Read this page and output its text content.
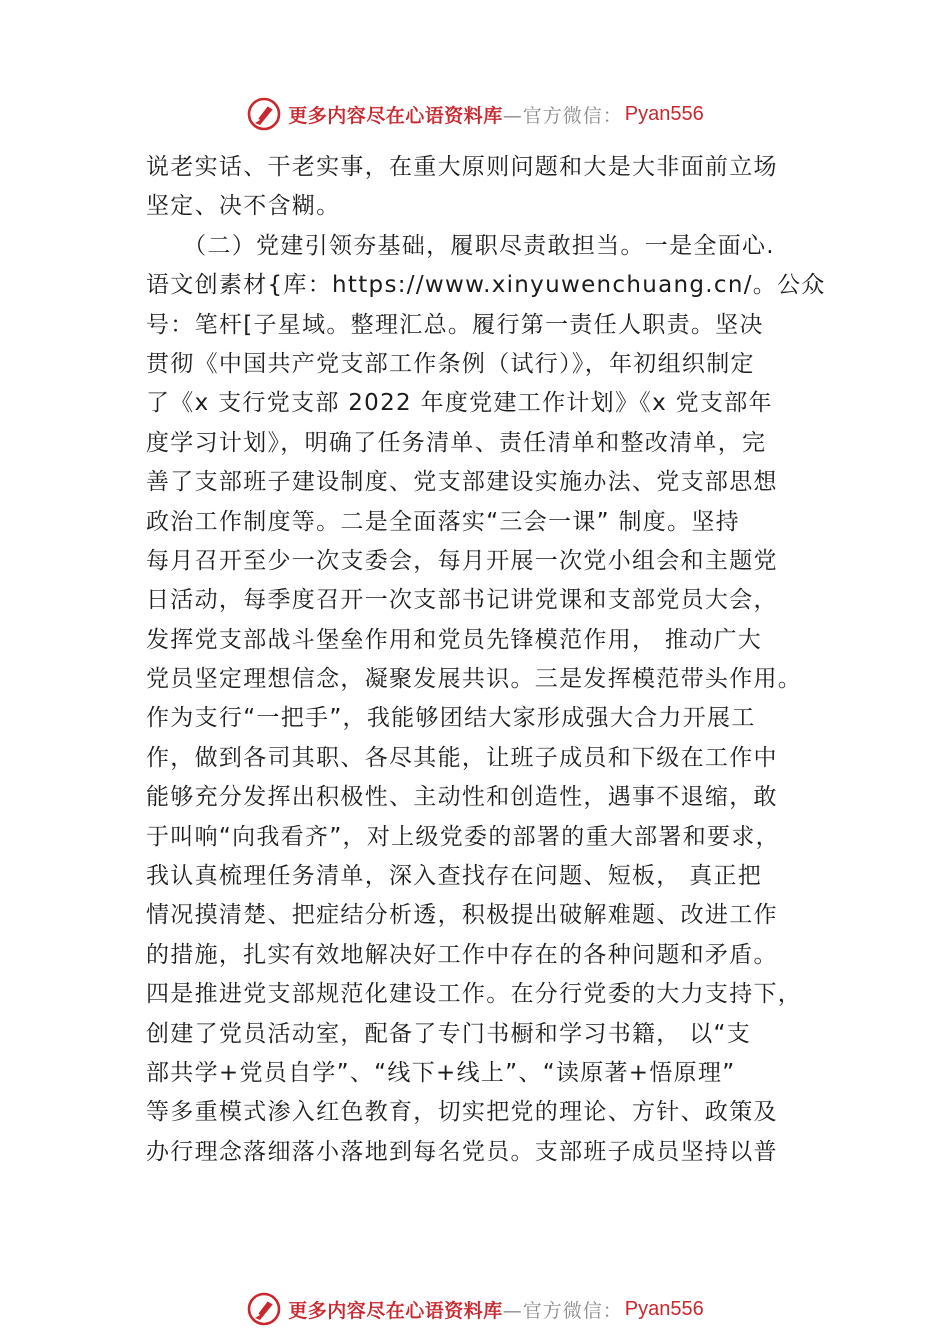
更多内容尽在心语资料库 —官方微信： Pyan556
说老实话、干老实事，在重大原则问题和大是大非面前立场
坚定、决不含糊。
　　（二）党建引领夯基础，履职尽责敢担当。一是全面心.
语文创素材{库：https://www.xinyuwenchuang.cn/。公众
号：笔杆[子星域。整理汇总。履行第一责任人职责。坚决
贯彻《中国共产党支部工作条例（试行）》，年初组织制定
了《x 支行党支部 2022 年度党建工作计划》《x 党支部年
度学习计划》，明确了任务清单、责任清单和整改清单，完
善了支部班子建设制度、党支部建设实施办法、党支部思想
政治工作制度等。二是全面落实“三会一课” 制度。坚持
每月召开至少一次支委会，每月开展一次党小组会和主题党
日活动，每季度召开一次支部书记讲党课和支部党员大会，
发挥党支部战斗堡垒作用和党员先锋模范作用， 推动广大
党员坚定理想信念，凝聚发展共识。三是发挥模范带头作用。
作为支行“一把手”，我能够团结大家形成强大合力开展工
作，做到各司其职、各尽其能，让班子成员和下级在工作中
能够充分发挥出积极性、主动性和创造性，遇事不退缩，敢
于叫响“向我看齐”，对上级党委的部署的重大部署和要求，
我认真梳理任务清单，深入查找存在问题、短板， 真正把
情况摸清楚、把症结分析透，积极提出破解难题、改进工作
的措施，扎实有效地解决好工作中存在的各种问题和矛盾。
四是推进党支部规范化建设工作。在分行党委的大力支持下，
创建了党员活动室，配备了专门书橱和学习书籍， 以“支
部共学+党员自学”、“线下+线上”、“读原著+悟原理”
等多重模式渗入红色教育，切实把党的理论、方针、政策及
办行理念落细落小落地到每名党员。支部班子成员坚持以普
更多内容尽在心语资料库 —官方微信： Pyan556
